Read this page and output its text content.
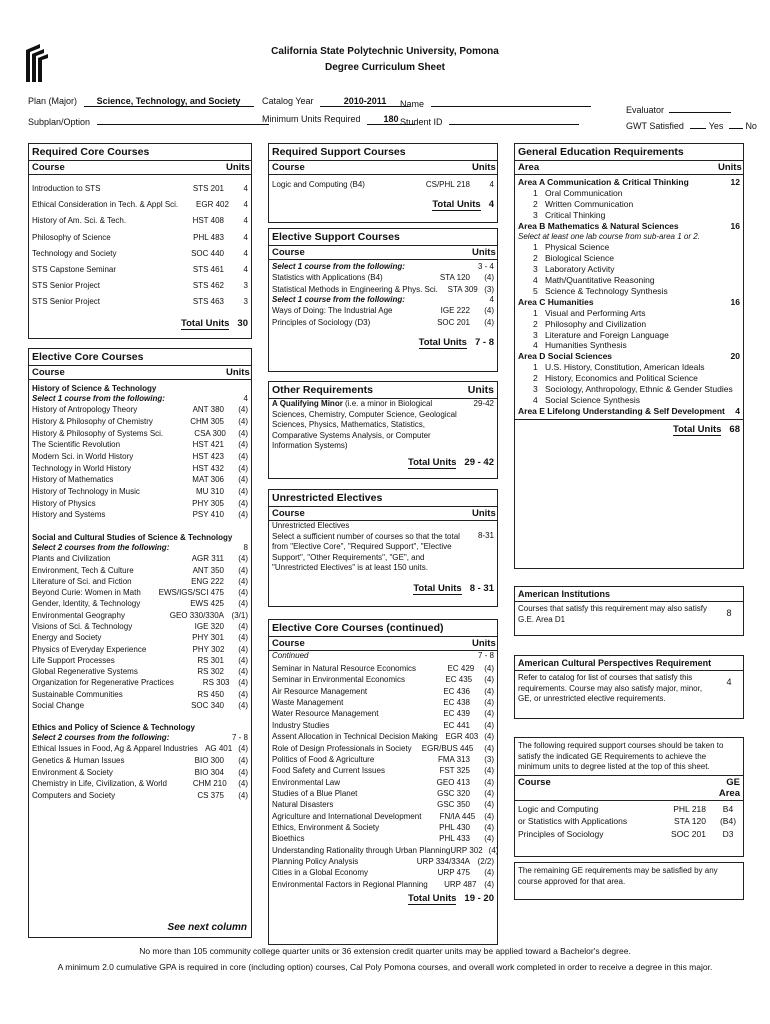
California State Polytechnic University, Pomona
Degree Curriculum Sheet
Plan (Major) Science, Technology, and Society
Subplan/Option
Catalog Year	2010-2011
Minimum Units Required	180
Name
Student ID
Evaluator
GWT Satisfied	Yes No
Required Core Courses
Course	Units
Introduction to STS	STS 201	4
Ethical Consideration in Tech. & Appl Sci.	EGR 402	4
History of Am. Sci. & Tech.	HST 408	4
Philosophy of Science	PHL 483	4
Technology and Society	SOC 440	4
STS Capstone Seminar	STS 461	4
STS Senior Project	STS 462	3
STS Senior Project	STS 463	3
Total Units 30
Elective Core Courses
Course	Units
History of Science & Technology
Select 1 course from the following:	4
History of Antropology Theory	ANT 380	(4)
History & Philosophy of Chemistry	CHM 305	(4)
History & Philosophy of Systems Sci.	CSA 300	(4)
The Scientific Revolution	HST 421	(4)
Modern Sci. in World History	HST 423	(4)
Technology in World History	HST 432	(4)
History of Mathematics	MAT 306	(4)
History of Technology in Music	MU 310	(4)
History of Physics	PHY 305	(4)
History and Systems	PSY 410	(4)
Social and Cultural Studies of Science & Technology
Select 2 courses from the following:	8
Plants and Civilization	AGR 311	(4)
Environment, Tech & Culture	ANT 350	(4)
Literature of Sci. and Fiction	ENG 222	(4)
Beyond Curie: Women in Math	EWS/IGS/SCI 475	(4)
Gender, Identity, & Technology	EWS 425	(4)
Environmental Geography	GEO 330/330A (3/1)
Visions of Sci. & Technology	IGE 320	(4)
Energy and Society	PHY 301	(4)
Physics of Everyday Experience	PHY 302	(4)
Life Support Processes	RS 301	(4)
Global Regenerative Systems	RS 302	(4)
Organization for Regenerative Practices	RS 303	(4)
Sustainable Communities	RS 450	(4)
Social Change	SOC 340	(4)
Ethics and Policy of Science & Technology
Select 2 courses from the following:	7 - 8
Ethical Issues in Food, Ag & Apparel Industries AG 401 (4)
Genetics & Human Issues	BIO 300	(4)
Environment & Society	BIO 304	(4)
Chemistry in Life, Civilization, & World	CHM 210	(4)
Computers and Society	CS 375	(4)
See next column
Required Support Courses
Course	Units
Logic and Computing (B4)	CS/PHL 218	4
Total Units 4
Elective Support Courses
Course	Units
Select 1 course from the following:	3 - 4
Statistics with Applications (B4)	STA 120	(4)
Statistical Methods in Engineering & Phys. Sci.	STA 309 (3)
Select 1 course from the following:	4
Ways of Doing: The Industrial Age	IGE 222	(4)
Principles of Sociology (D3)	SOC 201	(4)
Total Units 7 - 8
Other Requirements	Units
A Qualifying Minor (i.e. a minor in Biological Sciences, Chemistry, Computer Science, Geological Sciences, Physics, Mathematics, Statistics, Comparative Systems Analysis, or Computer Information Systems)
29-42
Total Units 29 - 42
Unrestricted Electives
Course	Units
Unrestricted Electives
Select a sufficient number of courses so that the total from "Elective Core", "Required Support", "Elective Support", "Other Requirements", "GE", and "Unrestricted Electives" is at least 150 units.
8-31
Total Units 8 - 31
Elective Core Courses (continued)
Course	Units
Continued	7 - 8
Seminar in Natural Resource Economics	EC 429	(4)
Seminar in Environmental Economics	EC 435	(4)
Air Resource Management	EC 436	(4)
Waste Management	EC 438	(4)
Water Resource Management	EC 439	(4)
Industry Studies	EC 441	(4)
Assent Allocation in Technical Decision Making EGR 403 (4)
Role of Design Professionals in Society	EGR/BUS 445	(4)
Politics of Food & Agriculture	FMA 313	(3)
Food Safety and Current Issues	FST 325	(4)
Environmental Law	GEO 413	(4)
Studies of a Blue Planet	GSC 320	(4)
Natural Disasters	GSC 350	(4)
Agriculture and International Development	FN/IA 445	(4)
Ethics, Environment & Society	PHL 430	(4)
Bioethics	PHL 433	(4)
Understanding Rationality through Urban Planning URP 302 (4)
Planning Policy Analysis	URP 334/334A (2/2)
Cities in a Global Economy	URP 475	(4)
Environmental Factors in Regional Planning	URP 487 (4)
Total Units 19 - 20
General Education Requirements
Area	Units
Area A Communication & Critical Thinking	12
1 Oral Communication
2 Written Communication
3 Critical Thinking
Area B Mathematics & Natural Sciences	16
Select at least one lab course from sub-area 1 or 2.
1 Physical Science
2 Biological Science
3 Laboratory Activity
4 Math/Quantitative Reasoning
5 Science & Technology Synthesis
Area C Humanities	16
1 Visual and Performing Arts
2 Philosophy and Civilization
3 Literature and Foreign Language
4 Humanities Synthesis
Area D Social Sciences	20
1 U.S. History, Constitution, American Ideals
2 History, Economics and Political Science
3 Sociology, Anthropology, Ethnic & Gender Studies
4 Social Science Synthesis
Area E Lifelong Understanding & Self Development	4
Total Units 68
American Institutions
Courses that satisfy this requirement may also satisfy G.E. Area D1
8
American Cultural Perspectives Requirement
Refer to catalog for list of courses that satisfy this requirements. Course may also satisfy major, minor, GE, or unrestricted elective requirements.
4
The following required support courses should be taken to satisfy the indicated GE Requirements to achieve the minimum units to degree listed at the top of this sheet.
Course	GE Area
Logic and Computing	PHL 218	B4
or Statistics with Applications	STA 120	(B4)
Principles of Sociology	SOC 201	D3
The remaining GE requirements may be satisfied by any course approved for that area.
No more than 105 community college quarter units or 36 extension credit quarter units may be applied toward a Bachelor's degree.
A minimum 2.0 cumulative GPA is required in core (including option) courses, Cal Poly Pomona courses, and overall work completed in order to receive a degree in this major.
